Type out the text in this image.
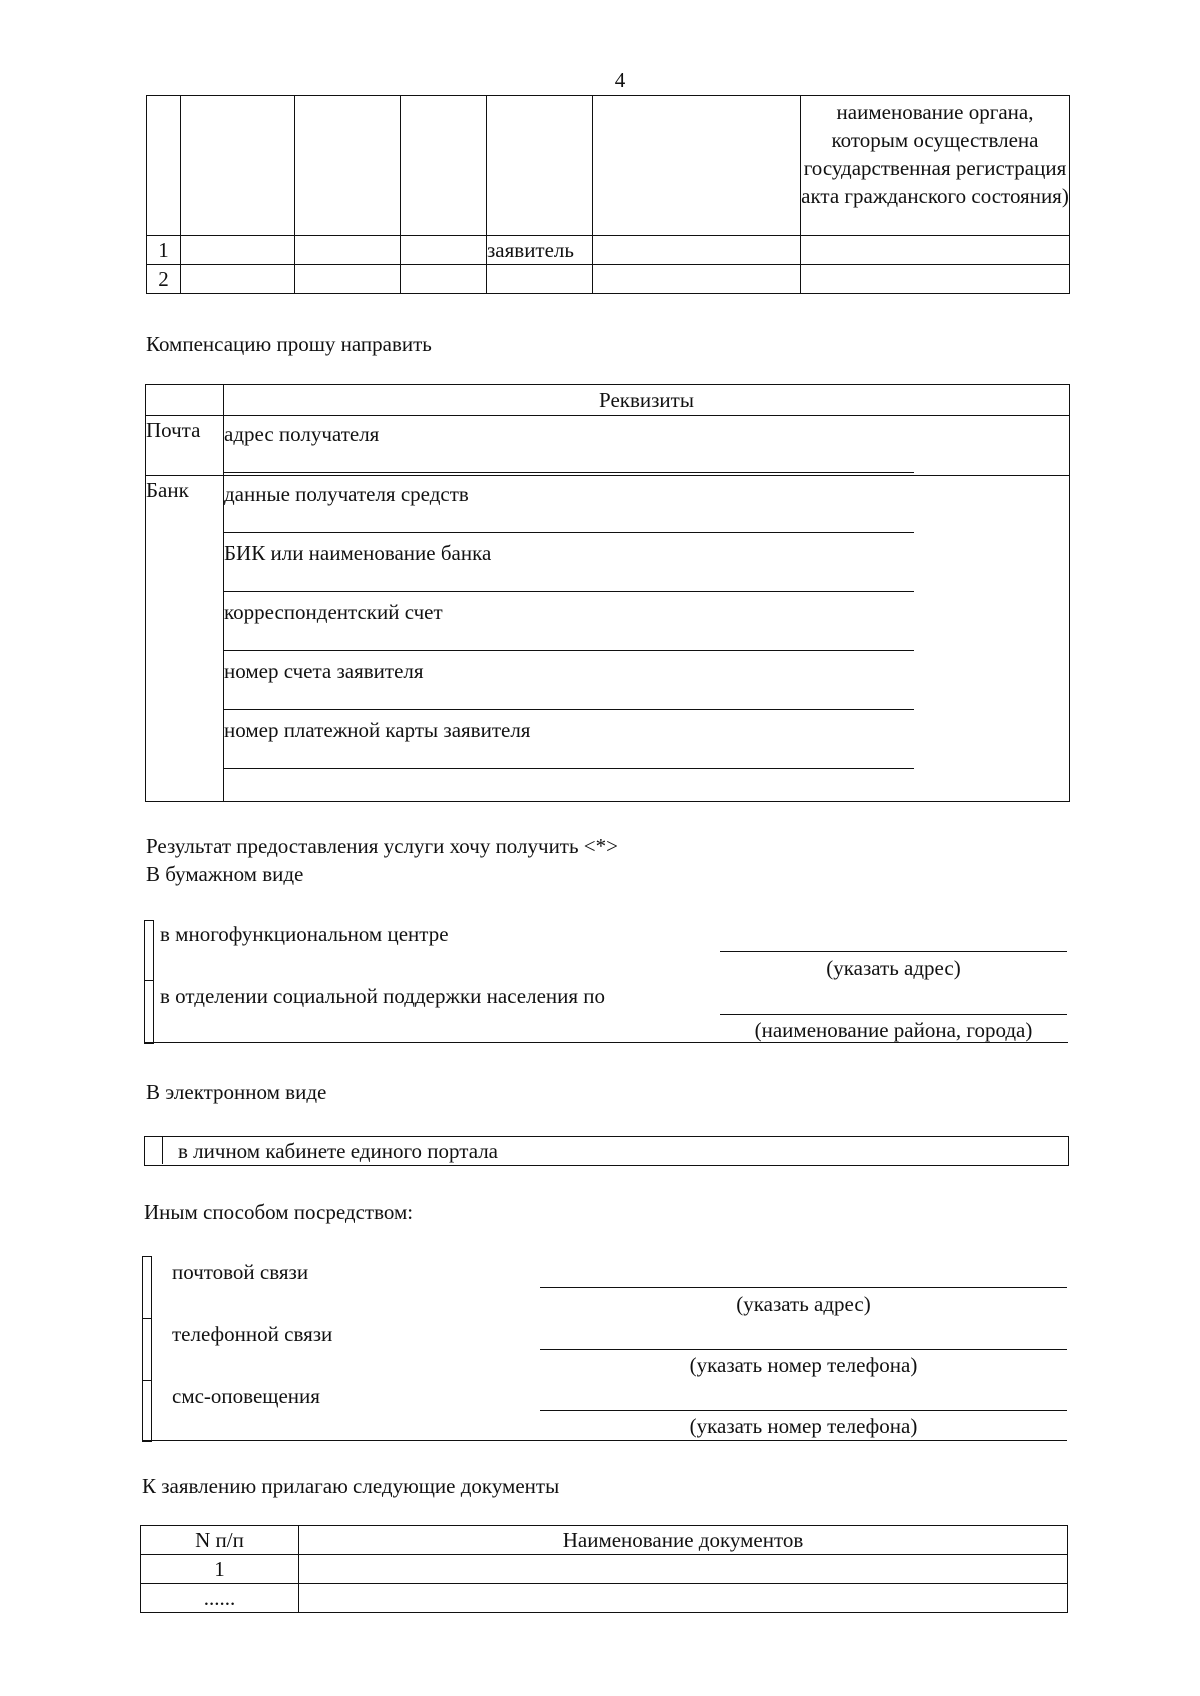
4
						наименование органа, которым осуществлена государственная регистрация акта гражданского состояния)
1				заявитель		
2						
Компенсацию прошу направить
	Реквизиты
Почта	адрес получателя

Банк	данные получателя средств
БИК или наименование банка
корреспондентский счет
номер счета заявителя
номер платежной карты заявителя
Результат предоставления услуги хочу получить <*>
В бумажном виде
в многофункциональном центре
(указать адрес)
в отделении социальной поддержки населения по
(наименование района, города)
В электронном виде
в личном кабинете единого портала
Иным способом посредством:
почтовой связи
(указать адрес)
телефонной связи
(указать номер телефона)
смс-оповещения
(указать номер телефона)
К заявлению прилагаю следующие документы
N п/п	Наименование документов
1	
......	
